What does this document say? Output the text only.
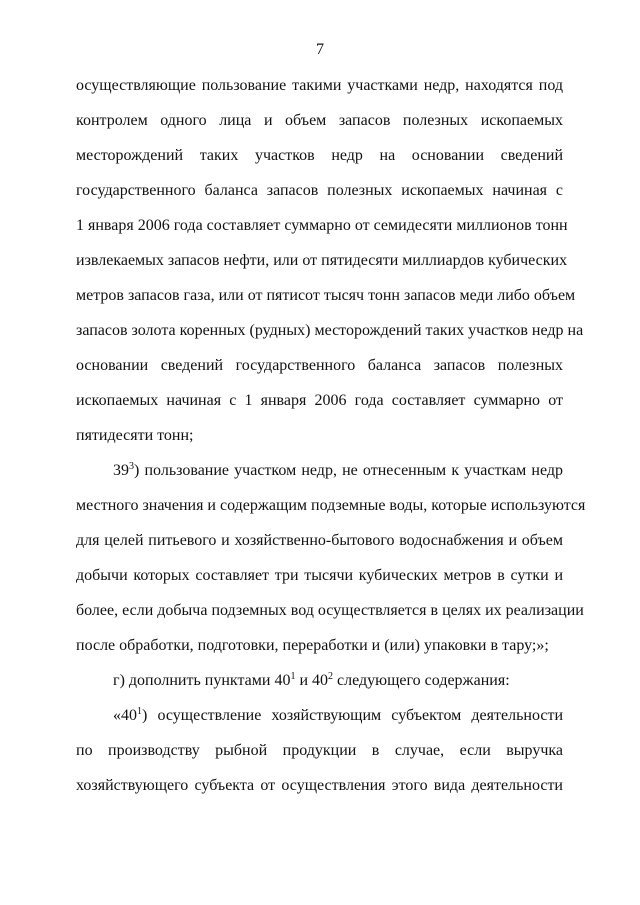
7
осуществляющие пользование такими участками недр, находятся под
контролем одного лица и объем запасов полезных ископаемых
месторождений таких участков недр на основании сведений
государственного баланса запасов полезных ископаемых начиная с
1 января 2006 года составляет суммарно от семидесяти миллионов тонн
извлекаемых запасов нефти, или от пятидесяти миллиардов кубических
метров запасов газа, или от пятисот тысяч тонн запасов меди либо объем
запасов золота коренных (рудных) месторождений таких участков недр на
основании сведений государственного баланса запасов полезных
ископаемых начиная с 1 января 2006 года составляет суммарно от
пятидесяти тонн;
$39^3$) пользование участком недр, не отнесенным к участкам недр
местного значения и содержащим подземные воды, которые используются
для целей питьевого и хозяйственно-бытового водоснабжения и объем
добычи которых составляет три тысячи кубических метров в сутки и
более, если добыча подземных вод осуществляется в целях их реализации
после обработки, подготовки, переработки и (или) упаковки в тару;»;
г) дополнить пунктами $40^1$ и $40^2$ следующего содержания:
«$40^1$) осуществление хозяйствующим субъектом деятельности
по производству рыбной продукции в случае, если выручка
хозяйствующего субъекта от осуществления этого вида деятельности
